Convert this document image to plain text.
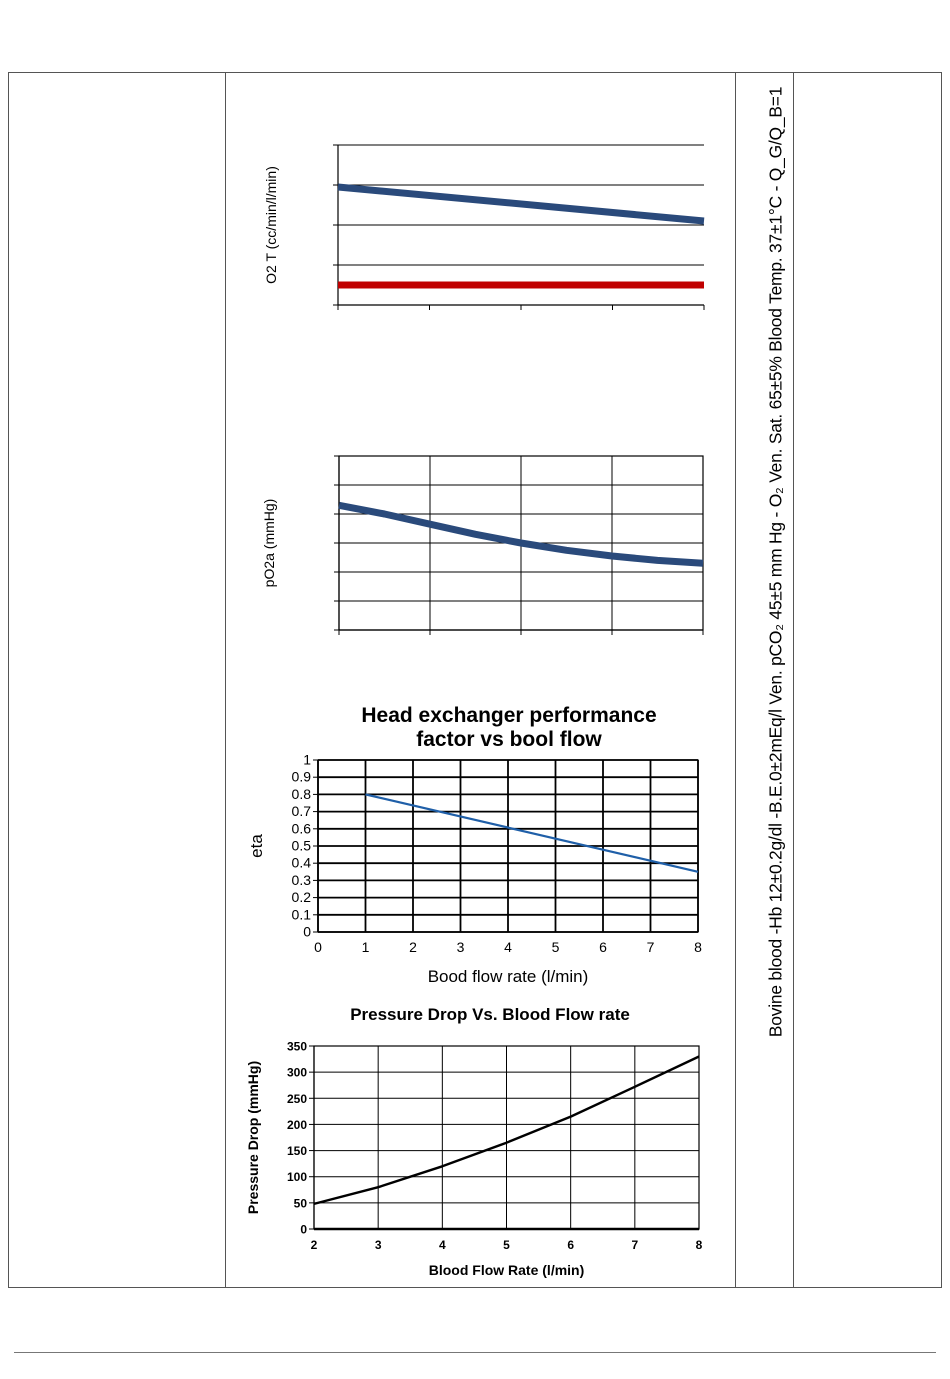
Bovine blood -Hb 12±0.2g/dl -B.E.0±2mEq/l Ven. pCO₂ 45±5 mm Hg - O₂ Ven. Sat. 65±5% Blood Temp. 37±1°C - Q_G/Q_B=1
O2 T (cc/min/l/min)
pO2a (mmHg)
0
0.1
0.2
0.3
0.4
0.5
0.6
0.7
0.8
0.9
1
0	1	2	3	4	5	6	7	8
eta
Bood flow rate (l/min)
Head exchanger performance
factor vs bool flow
0
50
100
150
200
250
300
350
2	3	4	5	6	7	8
Pressure Drop (mmHg)
Blood Flow Rate (l/min)
Pressure Drop Vs. Blood Flow rate
